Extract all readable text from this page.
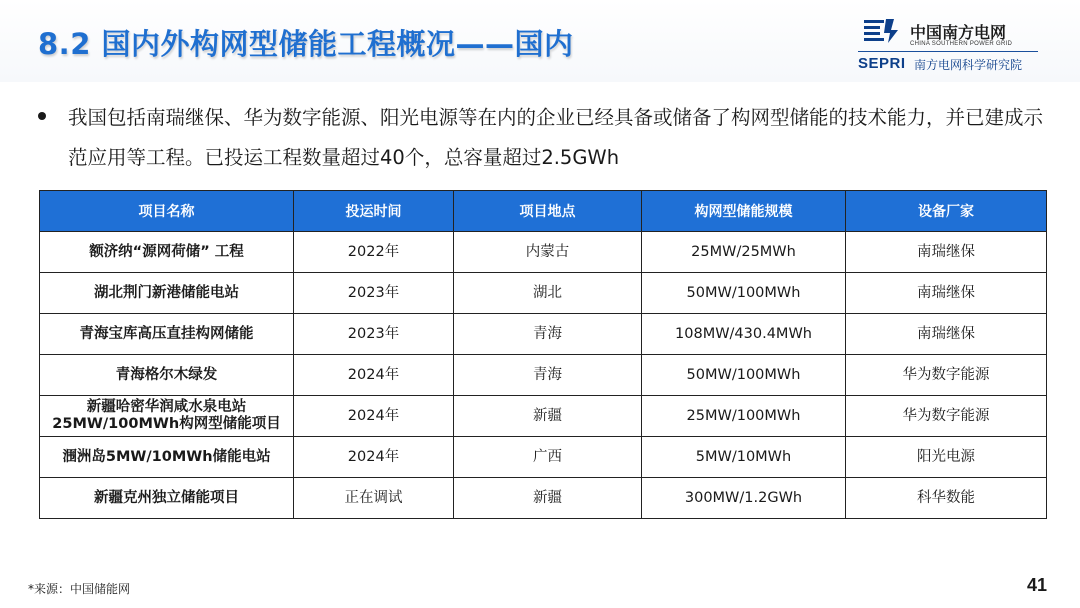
8.2 国内外构网型储能工程概况——国内	中国南方电网
CHINA SOUTHERN POWER GRID
SEPRI 南方电网科学研究院
我国包括南瑞继保、华为数字能源、阳光电源等在内的企业已经具备或储备了构网型储能的技术能力，并已建成示范应用等工程。已投运工程数量超过40个，总容量超过2.5GWh
项目名称	投运时间	项目地点	构网型储能规模	设备厂家
额济纳“源网荷储” 工程	2022年	内蒙古	25MW/25MWh	南瑞继保
湖北荆门新港储能电站	2023年	湖北	50MW/100MWh	南瑞继保
青海宝库高压直挂构网储能	2023年	青海	108MW/430.4MWh	南瑞继保
青海格尔木绿发	2024年	青海	50MW/100MWh	华为数字能源

新疆哈密华润咸水泉电站
25MW/100MWh构网型储能项目	2024年	新疆	25MW/100MWh	华为数字能源
涠洲岛5MW/10MWh储能电站	2024年	广西	5MW/10MWh	阳光电源
新疆克州独立储能项目	正在调试	新疆	300MW/1.2GWh	科华数能
*来源：中国储能网	41
